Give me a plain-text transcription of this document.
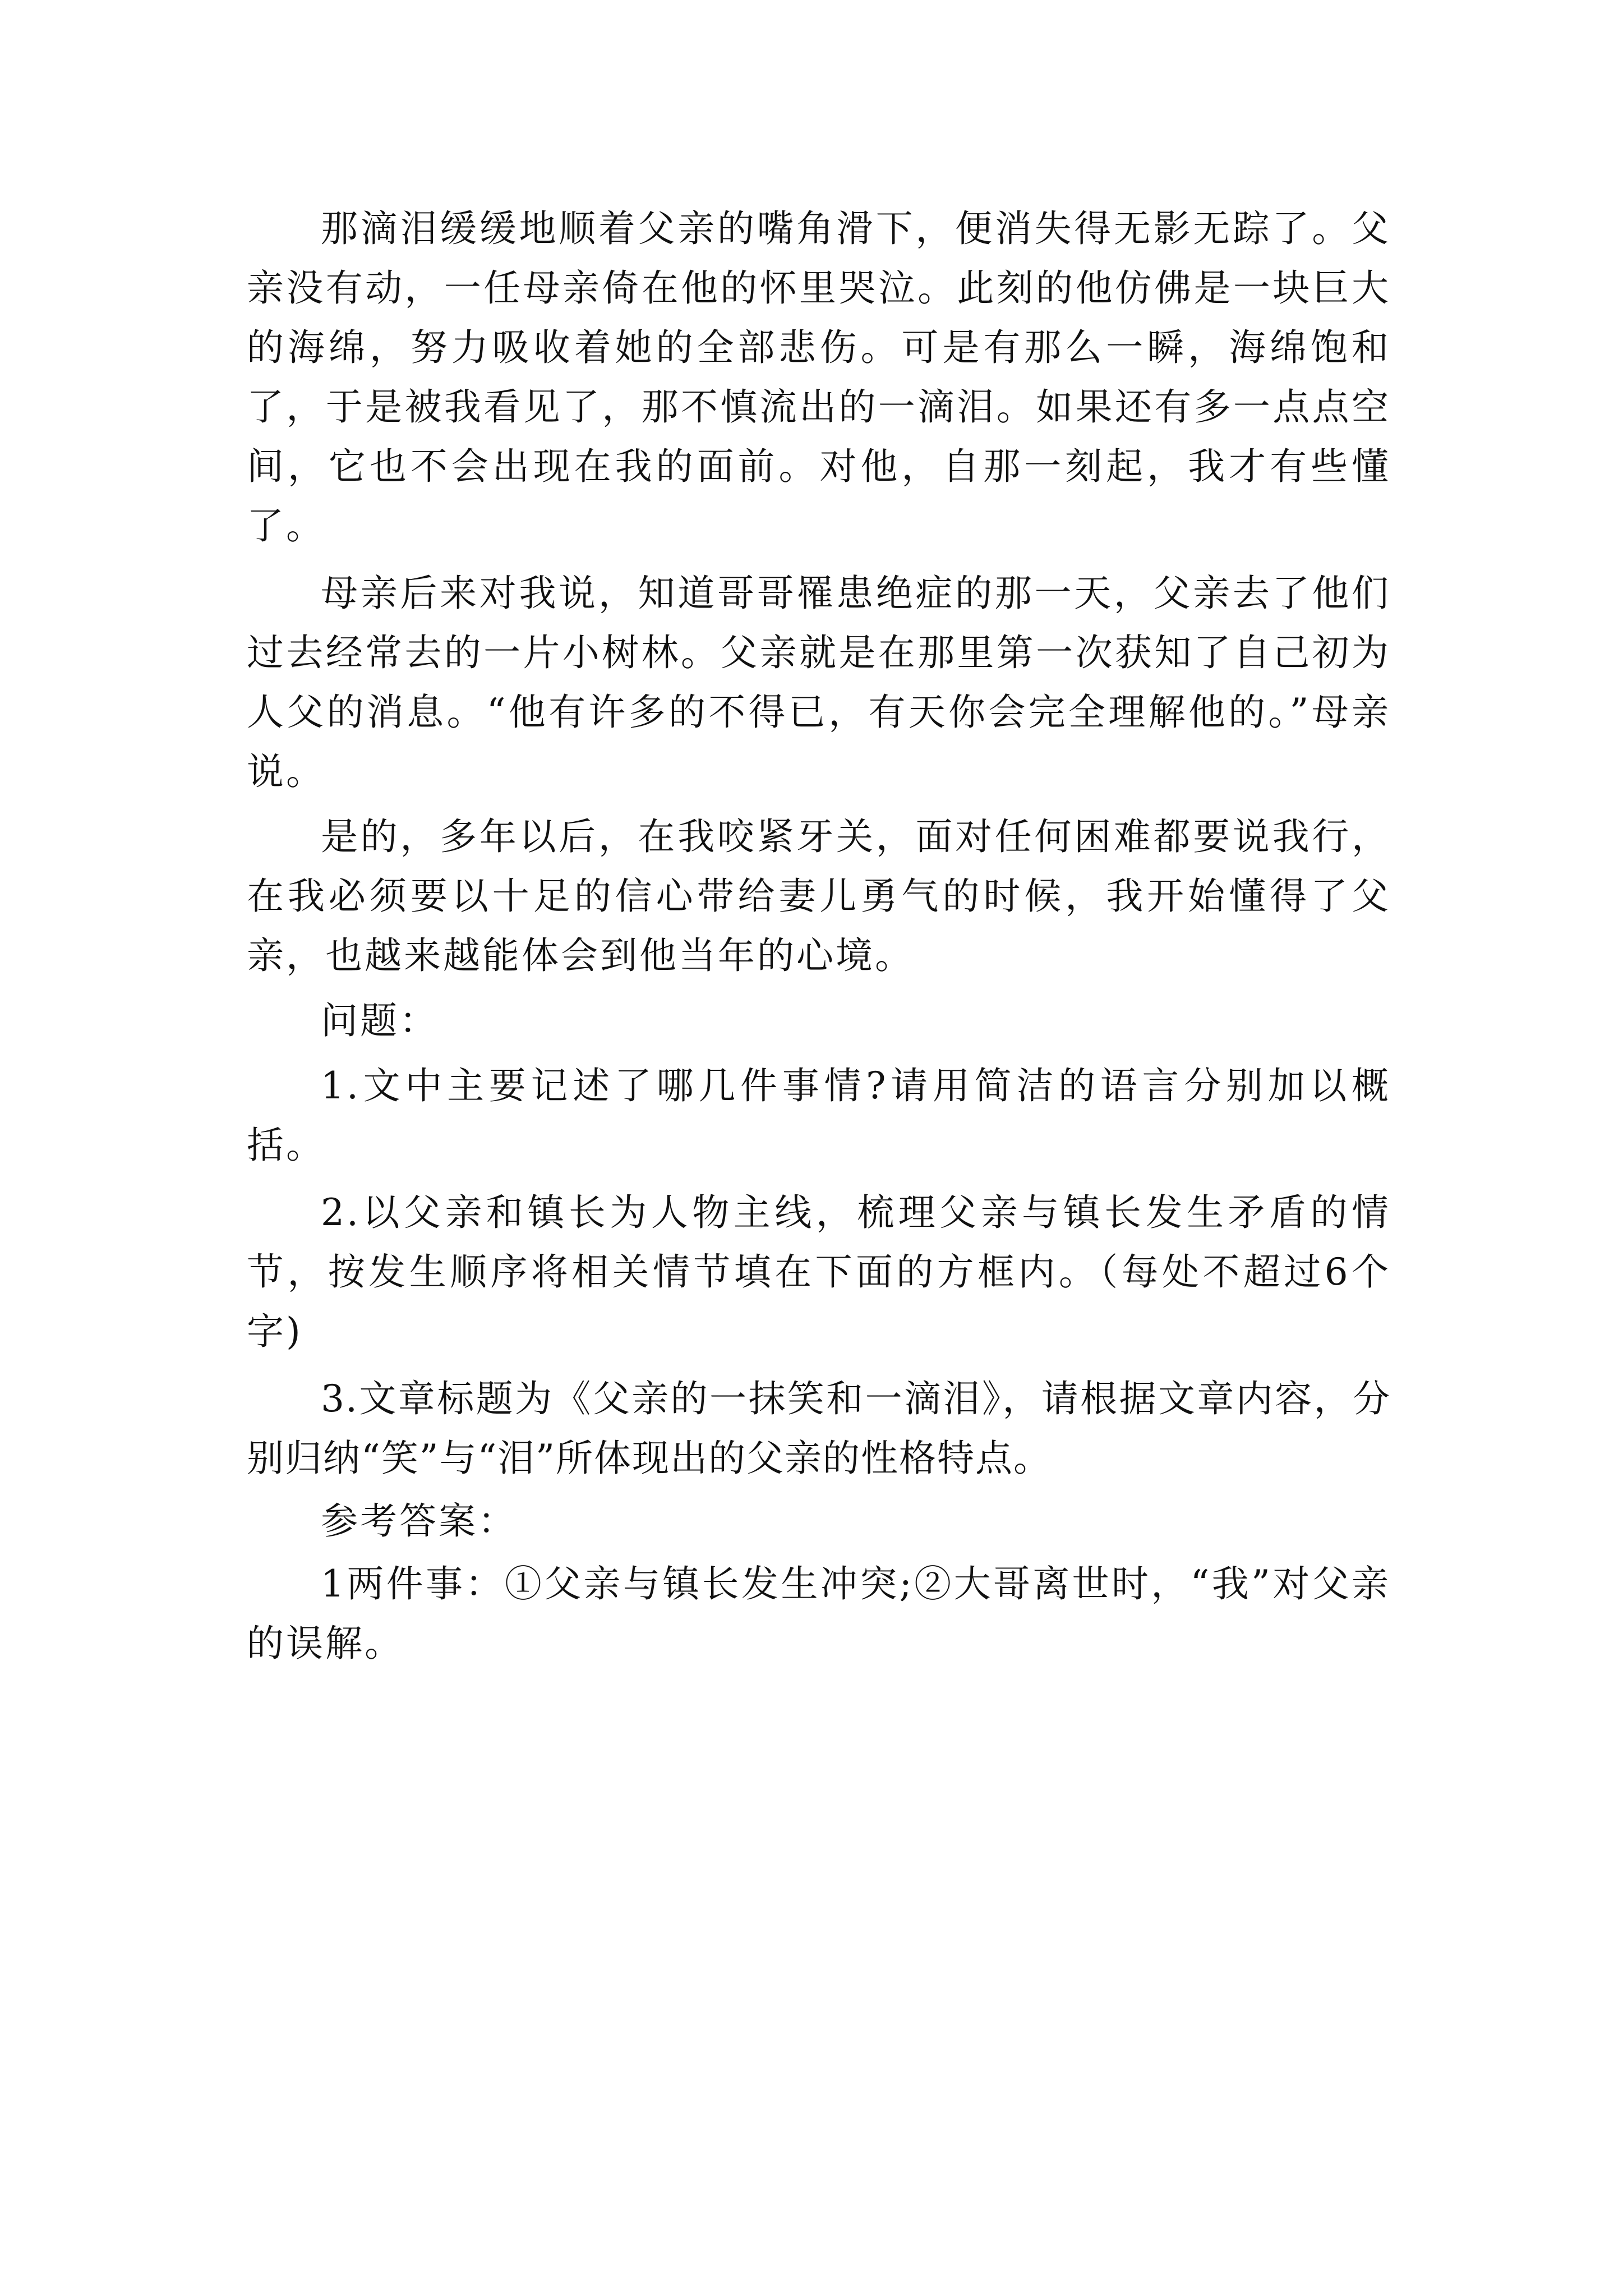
那滴泪缓缓地顺着父亲的嘴角滑下，便消失得无影无踪了。父亲没有动，一任母亲倚在他的怀里哭泣。此刻的他仿佛是一块巨大的海绵，努力吸收着她的全部悲伤。可是有那么一瞬，海绵饱和了，于是被我看见了，那不慎流出的一滴泪。如果还有多一点点空间，它也不会出现在我的面前。对他，自那一刻起，我才有些懂了。

母亲后来对我说，知道哥哥罹患绝症的那一天，父亲去了他们过去经常去的一片小树林。父亲就是在那里第一次获知了自己初为人父的消息。“他有许多的不得已，有天你会完全理解他的。”母亲说。

是的，多年以后，在我咬紧牙关，面对任何困难都要说我行，在我必须要以十足的信心带给妻儿勇气的时候，我开始懂得了父亲，也越来越能体会到他当年的心境。

问题：

1.文中主要记述了哪几件事情?请用简洁的语言分别加以概括。

2.以父亲和镇长为人物主线，梳理父亲与镇长发生矛盾的情节，按发生顺序将相关情节填在下面的方框内。（每处不超过6个字)

3.文章标题为《父亲的一抹笑和一滴泪》，请根据文章内容，分别归纳“笑”与“泪”所体现出的父亲的性格特点。

参考答案：

1两件事：①父亲与镇长发生冲突;②大哥离世时，“我”对父亲的误解。
